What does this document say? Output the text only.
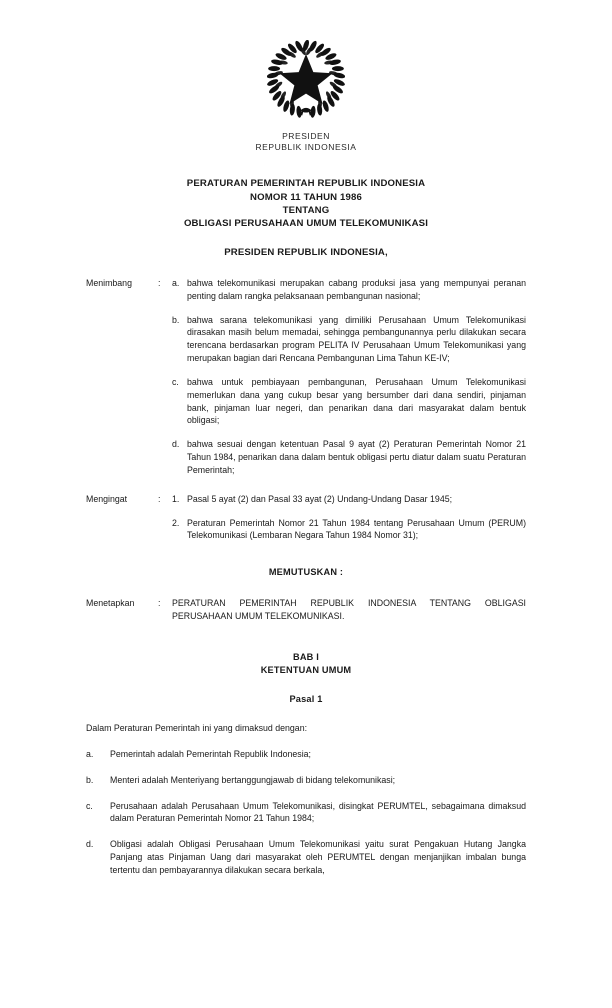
PRESIDEN
REPUBLIK INDONESIA
PERATURAN PEMERINTAH REPUBLIK INDONESIA
NOMOR 11 TAHUN 1986
TENTANG
OBLIGASI PERUSAHAAN UMUM TELEKOMUNIKASI
PRESIDEN REPUBLIK INDONESIA,
Menimbang	:	a. bahwa telekomunikasi merupakan cabang produksi jasa yang mempunyai peranan penting dalam rangka pelaksanaan pembangunan nasional;
b. bahwa sarana telekomunikasi yang dimiliki Perusahaan Umum Telekomunikasi dirasakan masih belum memadai, sehingga pembangunannya perlu dilakukan secara terencana berdasarkan program PELITA IV Perusahaan Umum Telekomunikasi yang merupakan bagian dari Rencana Pembangunan Lima Tahun KE-IV;
c. bahwa untuk pembiayaan pembangunan, Perusahaan Umum Telekomunikasi memerlukan dana yang cukup besar yang bersumber dari dana sendiri, pinjaman bank, pinjaman luar negeri, dan penarikan dana dari masyarakat dalam bentuk obligasi;
d. bahwa sesuai dengan ketentuan Pasal 9 ayat (2) Peraturan Pemerintah Nomor 21 Tahun 1984, penarikan dana dalam bentuk obligasi pertu diatur dalam suatu Peraturan Pemerintah;
Mengingat	:	1. Pasal 5 ayat (2) dan Pasal 33 ayat (2) Undang-Undang Dasar 1945;
2. Peraturan Pemerintah Nomor 21 Tahun 1984 tentang Perusahaan Umum (PERUM) Telekomunikasi (Lembaran Negara Tahun 1984 Nomor 31);
MEMUTUSKAN :
Menetapkan	:	PERATURAN PEMERINTAH REPUBLIK INDONESIA TENTANG OBLIGASI PERUSAHAAN UMUM TELEKOMUNIKASI.
BAB I
KETENTUAN UMUM
Pasal 1
Dalam Peraturan Pemerintah ini yang dimaksud dengan:
a.	Pemerintah adalah Pemerintah Republik Indonesia;
b.	Menteri adalah Menteriyang bertanggungjawab di bidang telekomunikasi;
c.	Perusahaan adalah Perusahaan Umum Telekomunikasi, disingkat PERUMTEL, sebagaimana dimaksud dalam Peraturan Pemerintah Nomor 21 Tahun 1984;
d.	Obligasi adalah Obligasi Perusahaan Umum Telekomunikasi yaitu surat Pengakuan Hutang Jangka Panjang atas Pinjaman Uang dari masyarakat oleh PERUMTEL dengan menjanjikan imbalan bunga tertentu dan pembayarannya dilakukan secara berkala,
